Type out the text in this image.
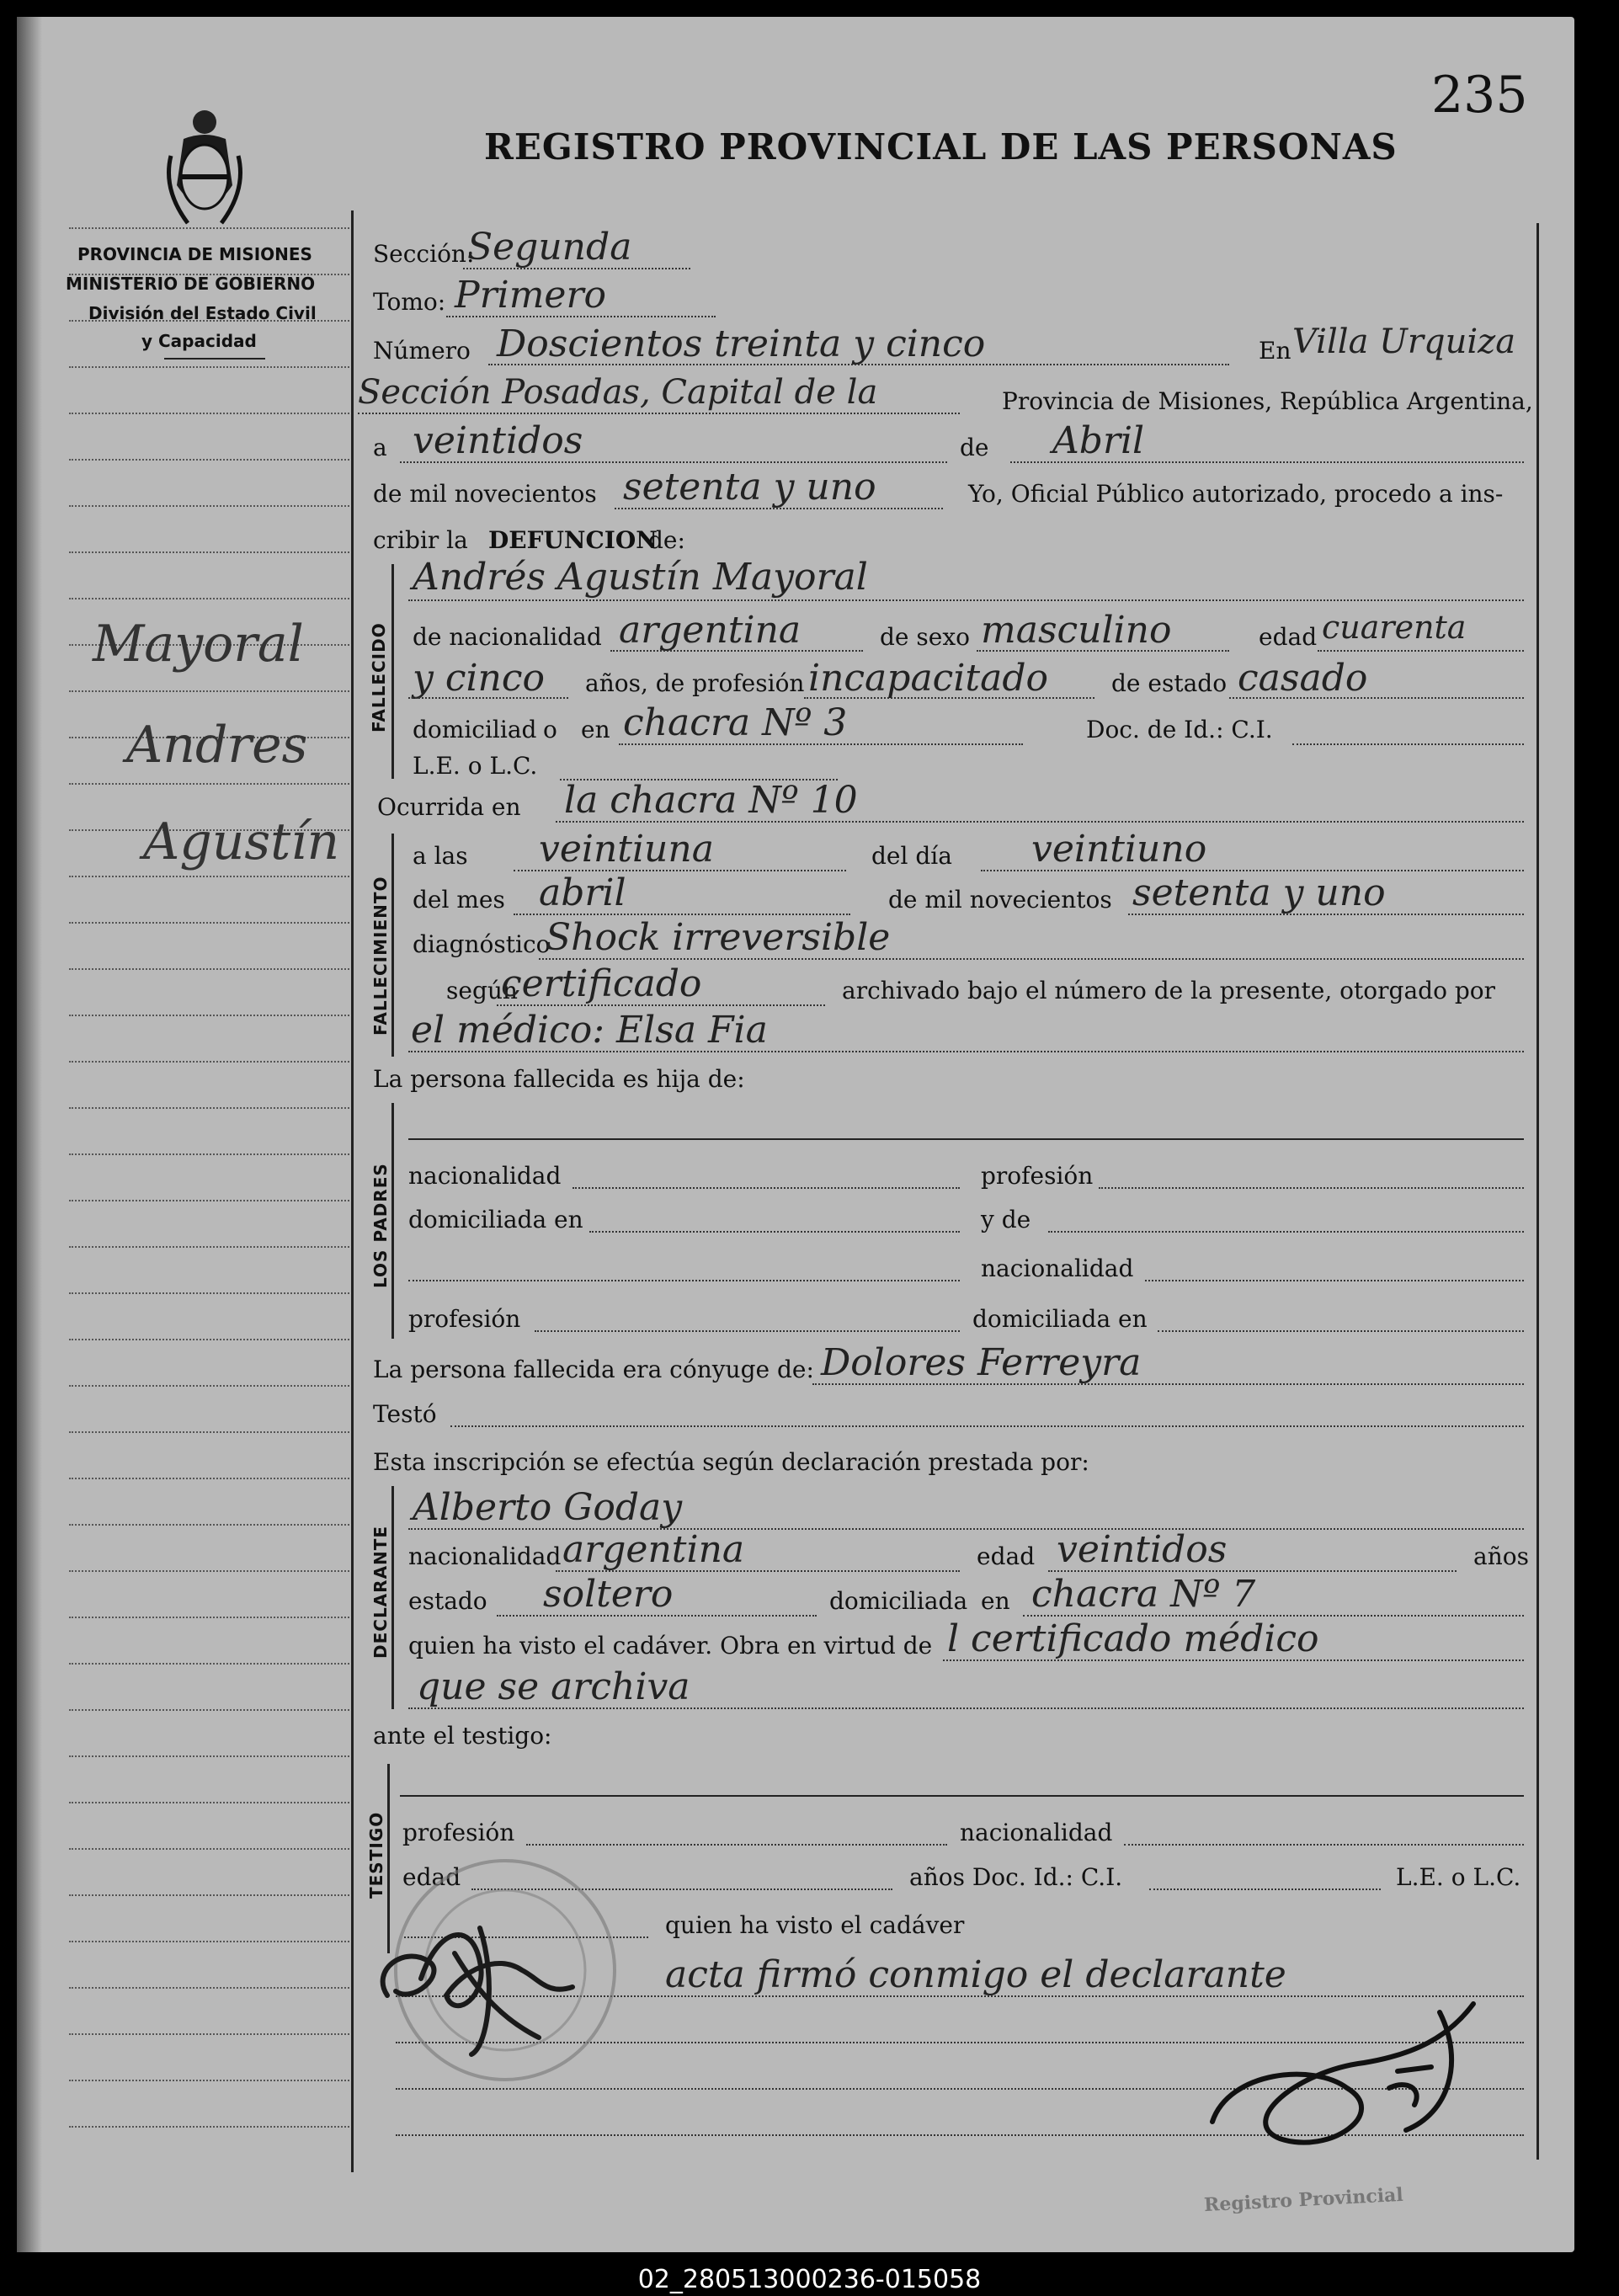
235
REGISTRO PROVINCIAL DE LAS PERSONAS
PROVINCIA DE MISIONES
MINISTERIO DE GOBIERNO
División del Estado Civil
y Capacidad
Mayoral
Andres
Agustín
Sección:
Segunda
Tomo: Primero
Número Doscientos treinta y cinco	En Villa Urquiza
Sección Posadas, Capital de la	Provincia de Misiones, República Argentina,
a veintidos	de Abril
de mil novecientos setenta y uno	Yo, Oficial Público autorizado, procedo a ins-
cribir la DEFUNCION
de:
FALLECIDO
Andrés Agustín Mayoral
de nacionalidad argentina	de sexo masculino	edad cuarenta
y cinco años, de profesión incapacitado	de estado casado
domiciliad o en chacra Nº 3	Doc. de Id.: C.I.
L.E. o L.C.
Ocurrida en la chacra Nº 10
FALLECIMIENTO
a las veintiuna	del día veintiuno
del mes abril	de mil novecientos setenta y uno
diagnóstico
Shock irreversible
según
certificado	archivado bajo el número de la presente, otorgado por
el médico: Elsa Fia
La persona fallecida es hija de:
LOS PADRES nacionalidad	profesión
domiciliada en	y de
nacionalidad
profesión	domiciliada en
La persona fallecida era cónyuge de: Dolores Ferreyra
Testó
Esta inscripción se efectúa según declaración prestada por:
DECLARANTE
Alberto Goday
nacionalidad argentina	edad veintidos	años
estado soltero	domiciliada en chacra Nº 7
quien ha visto el cadáver. Obra en virtud de l certificado médico
que se archiva
ante el testigo:
TESTIGO profesión	nacionalidad
edad	años Doc. Id.: C.I.	L.E. o L.C.
quien ha visto el cadáver
acta firmó conmigo el declarante
Registro Provincial
02_280513000236-015058
